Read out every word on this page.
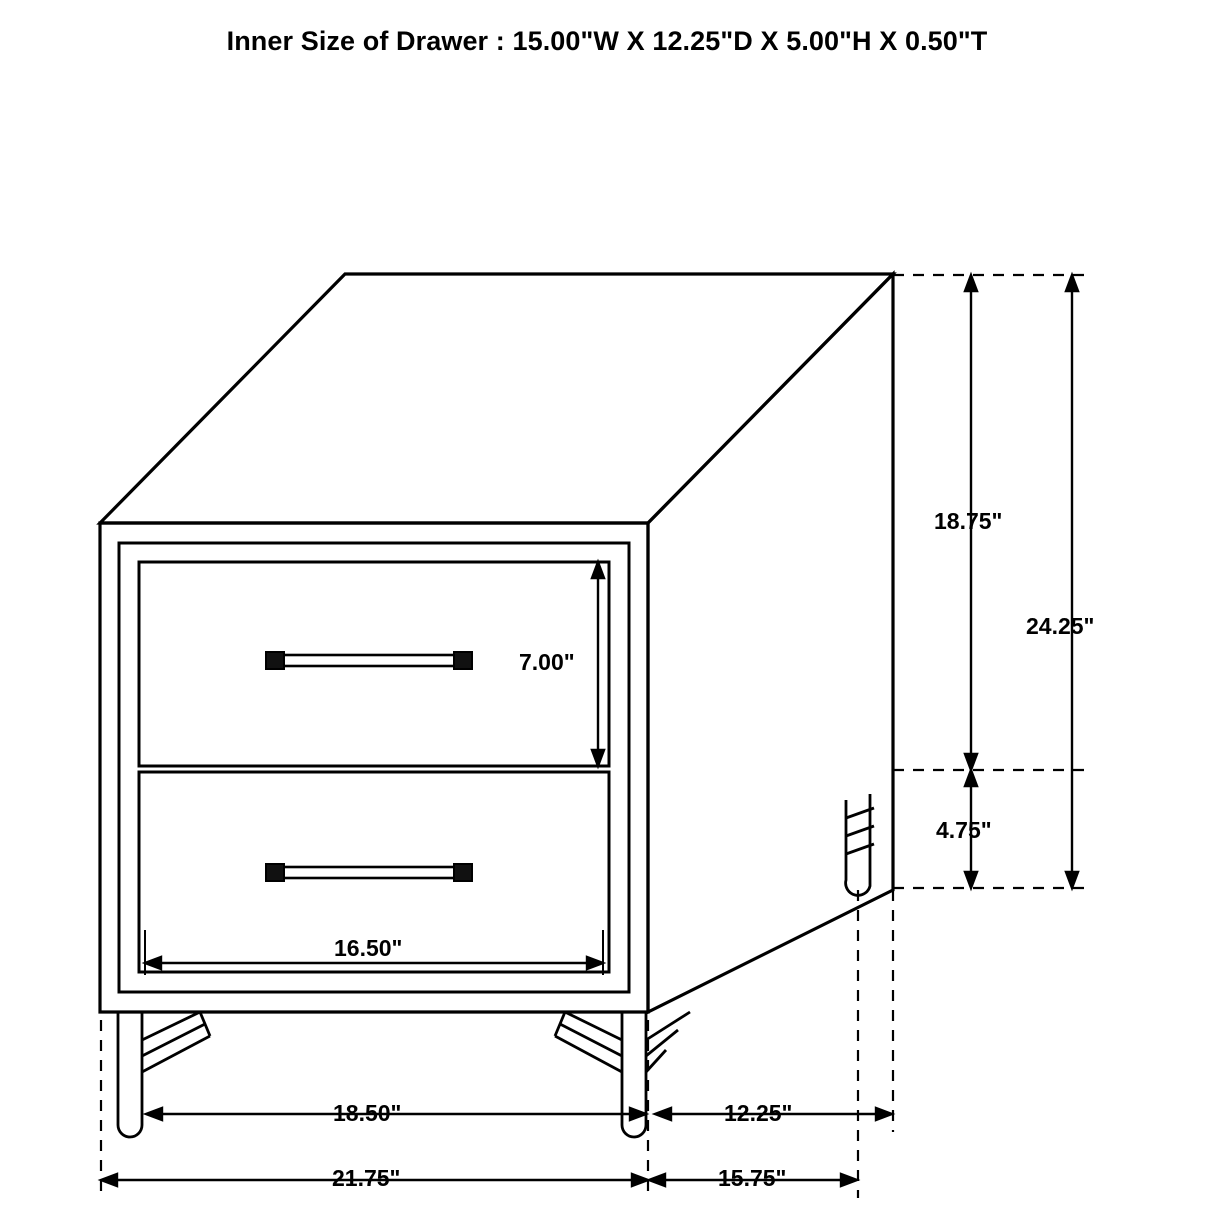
Inner Size of Drawer : 15.00"W X 12.25"D X 5.00"H X 0.50"T
18.75"
24.25"
7.00"
4.75"
16.50"
18.50"	12.25"
21.75"	15.75"
